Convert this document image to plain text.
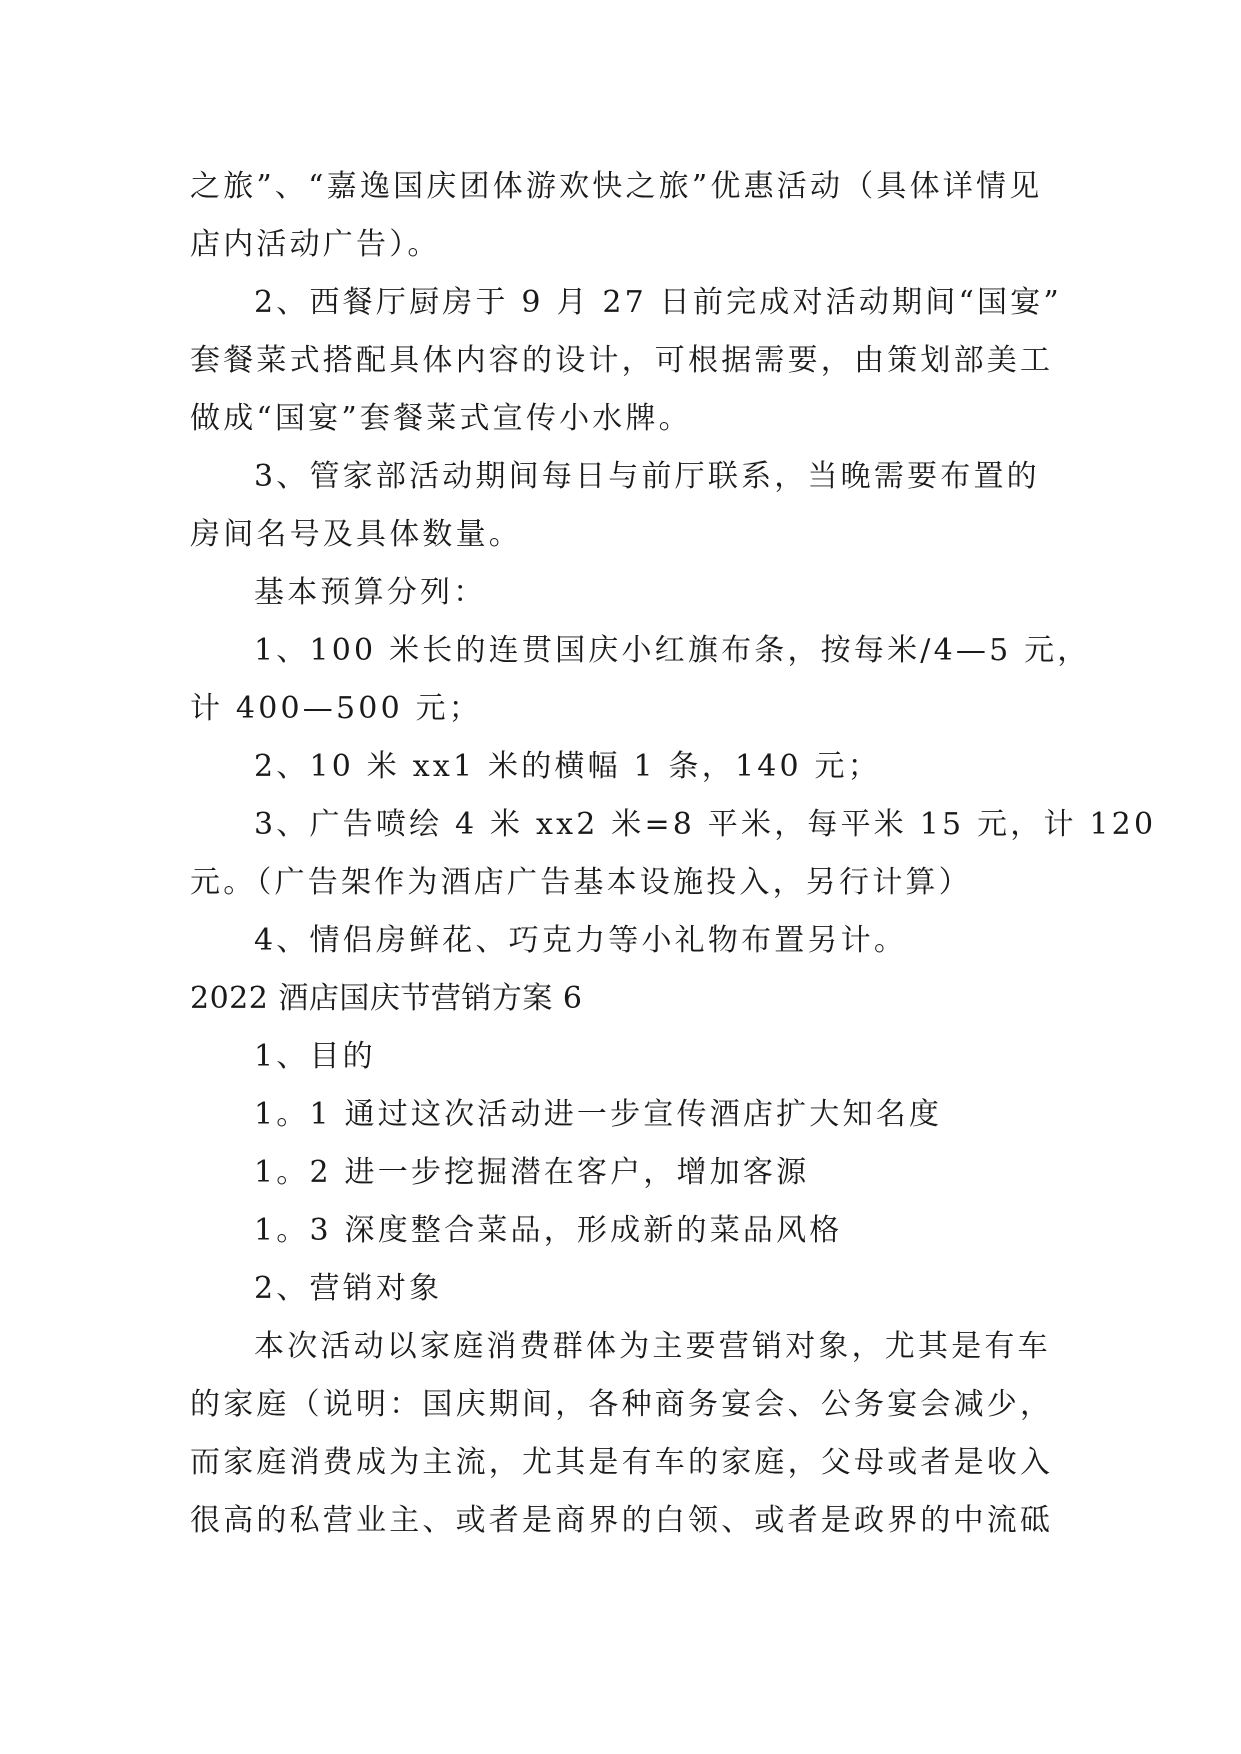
之旅”、“嘉逸国庆团体游欢快之旅”优惠活动（具体详情见
店内活动广告）。
2、西餐厅厨房于 9 月 27 日前完成对活动期间“国宴”
套餐菜式搭配具体内容的设计，可根据需要，由策划部美工
做成“国宴”套餐菜式宣传小水牌。
3、管家部活动期间每日与前厅联系，当晚需要布置的
房间名号及具体数量。
基本预算分列：
1、100 米长的连贯国庆小红旗布条，按每米/4—5 元，
计 400—500 元；
2、10 米 xx1 米的横幅 1 条，140 元；
3、广告喷绘 4 米 xx2 米=8 平米，每平米 15 元，计 120
元。（广告架作为酒店广告基本设施投入，另行计算）
4、情侣房鲜花、巧克力等小礼物布置另计。
2022 酒店国庆节营销方案 6
1、目的
1。1 通过这次活动进一步宣传酒店扩大知名度
1。2 进一步挖掘潜在客户，增加客源
1。3 深度整合菜品，形成新的菜品风格
2、营销对象
本次活动以家庭消费群体为主要营销对象，尤其是有车
的家庭（说明：国庆期间，各种商务宴会、公务宴会减少，
而家庭消费成为主流，尤其是有车的家庭，父母或者是收入
很高的私营业主、或者是商界的白领、或者是政界的中流砥
